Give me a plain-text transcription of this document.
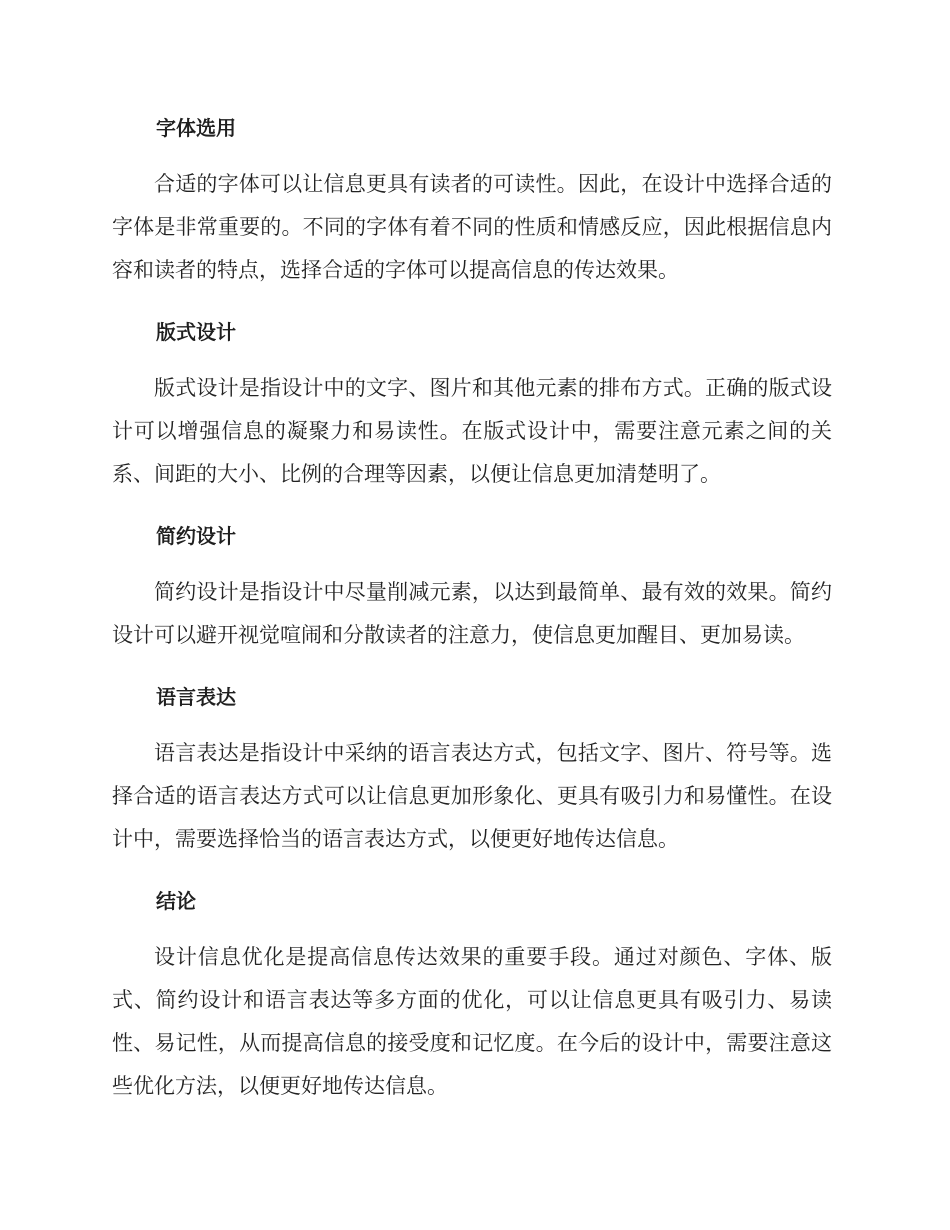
字体选用

合适的字体可以让信息更具有读者的可读性。因此，在设计中选择合适的字体是非常重要的。不同的字体有着不同的性质和情感反应，因此根据信息内容和读者的特点，选择合适的字体可以提高信息的传达效果。

版式设计

版式设计是指设计中的文字、图片和其他元素的排布方式。正确的版式设计可以增强信息的凝聚力和易读性。在版式设计中，需要注意元素之间的关系、间距的大小、比例的合理等因素，以便让信息更加清楚明了。

简约设计

简约设计是指设计中尽量削减元素，以达到最简单、最有效的效果。简约设计可以避开视觉喧闹和分散读者的注意力，使信息更加醒目、更加易读。

语言表达

语言表达是指设计中采纳的语言表达方式，包括文字、图片、符号等。选择合适的语言表达方式可以让信息更加形象化、更具有吸引力和易懂性。在设计中，需要选择恰当的语言表达方式，以便更好地传达信息。

结论

设计信息优化是提高信息传达效果的重要手段。通过对颜色、字体、版式、简约设计和语言表达等多方面的优化，可以让信息更具有吸引力、易读性、易记性，从而提高信息的接受度和记忆度。在今后的设计中，需要注意这些优化方法，以便更好地传达信息。
